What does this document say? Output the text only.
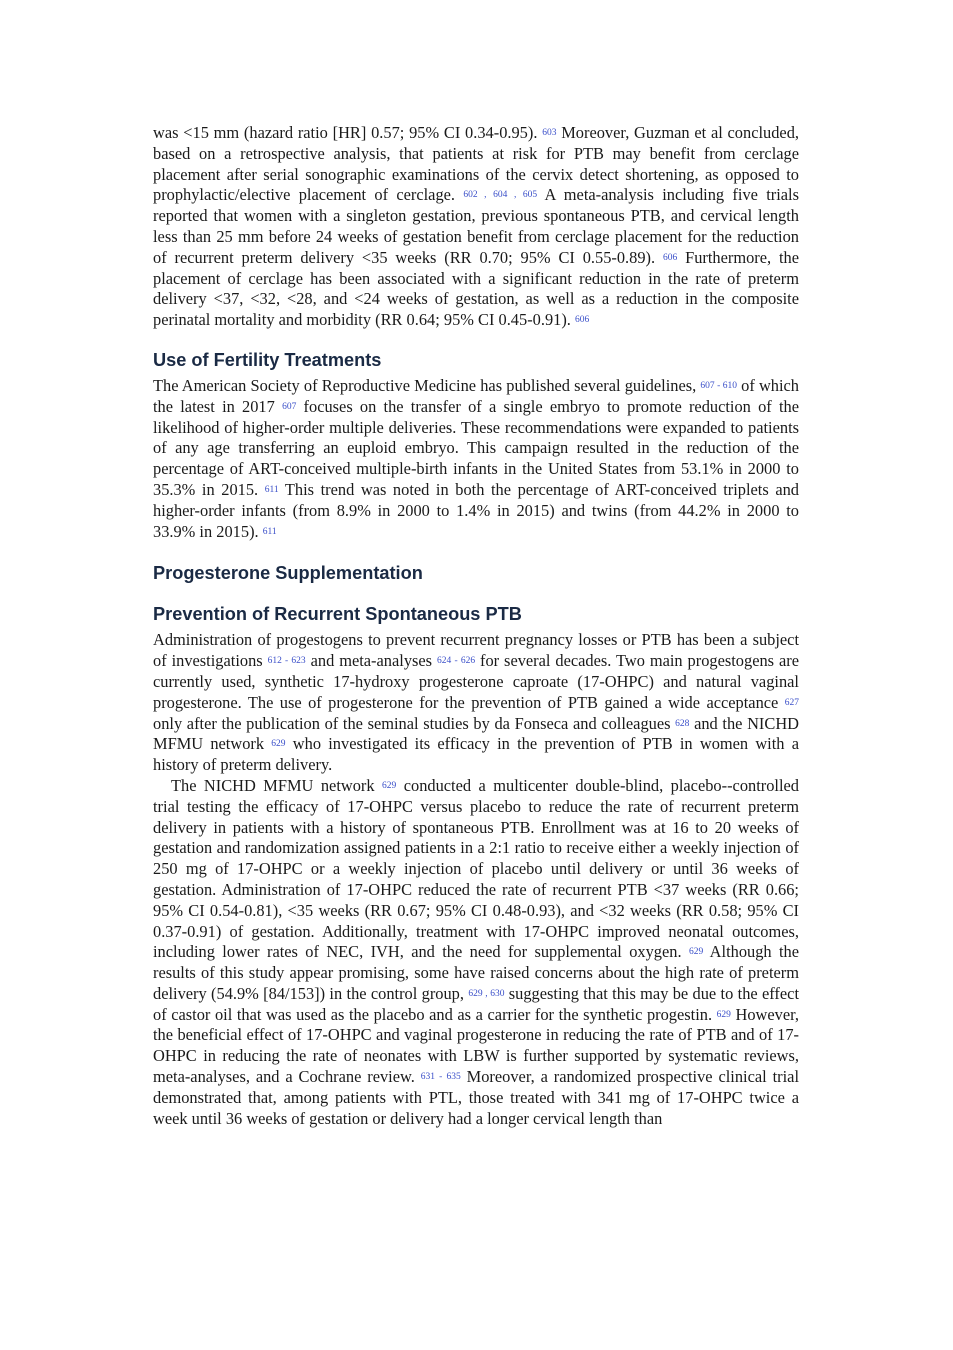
was <15 mm (hazard ratio [HR] 0.57; 95% CI 0.34-0.95). 603 Moreover, Guzman et al concluded, based on a retrospective analysis, that patients at risk for PTB may benefit from cerclage placement after serial sonographic examinations of the cervix detect shortening, as opposed to prophylactic/elective placement of cerclage. 602 , 604 , 605 A meta-analysis including five trials reported that women with a singleton gestation, previous spontaneous PTB, and cervical length less than 25 mm before 24 weeks of gestation benefit from cerclage placement for the reduction of recurrent preterm delivery <35 weeks (RR 0.70; 95% CI 0.55-0.89). 606 Furthermore, the placement of cerclage has been associated with a significant reduction in the rate of preterm delivery <37, <32, <28, and <24 weeks of gestation, as well as a reduction in the composite perinatal mortality and morbidity (RR 0.64; 95% CI 0.45-0.91). 606

Use of Fertility Treatments

The American Society of Reproductive Medicine has published several guidelines, 607 - 610 of which the latest in 2017 607 focuses on the transfer of a single embryo to promote reduction of the likelihood of higher-order multiple deliveries. These recommendations were expanded to patients of any age transferring an euploid embryo. This campaign resulted in the reduction of the percentage of ART-conceived multiple-birth infants in the United States from 53.1% in 2000 to 35.3% in 2015. 611 This trend was noted in both the percentage of ART-conceived triplets and higher-order infants (from 8.9% in 2000 to 1.4% in 2015) and twins (from 44.2% in 2000 to 33.9% in 2015). 611

Progesterone Supplementation
Prevention of Recurrent Spontaneous PTB

Administration of progestogens to prevent recurrent pregnancy losses or PTB has been a subject of investigations 612 - 623 and meta-analyses 624 - 626 for several decades. Two main progestogens are currently used, synthetic 17-hydroxy progesterone caproate (17-OHPC) and natural vaginal progesterone. The use of progesterone for the prevention of PTB gained a wide acceptance 627 only after the publication of the seminal studies by da Fonseca and colleagues 628 and the NICHD MFMU network 629 who investigated its efficacy in the prevention of PTB in women with a history of preterm delivery.

The NICHD MFMU network 629 conducted a multicenter double-blind, placebo--controlled trial testing the efficacy of 17-OHPC versus placebo to reduce the rate of recurrent preterm delivery in patients with a history of spontaneous PTB. Enrollment was at 16 to 20 weeks of gestation and randomization assigned patients in a 2:1 ratio to receive either a weekly injection of 250 mg of 17-OHPC or a weekly injection of placebo until delivery or until 36 weeks of gestation. Administration of 17-OHPC reduced the rate of recurrent PTB <37 weeks (RR 0.66; 95% CI 0.54-0.81), <35 weeks (RR 0.67; 95% CI 0.48-0.93), and <32 weeks (RR 0.58; 95% CI 0.37-0.91) of gestation. Additionally, treatment with 17-OHPC improved neonatal outcomes, including lower rates of NEC, IVH, and the need for supplemental oxygen. 629 Although the results of this study appear promising, some have raised concerns about the high rate of preterm delivery (54.9% [84/153]) in the control group, 629 , 630 suggesting that this may be due to the effect of castor oil that was used as the placebo and as a carrier for the synthetic progestin. 629 However, the beneficial effect of 17-OHPC and vaginal progesterone in reducing the rate of PTB and of 17-OHPC in reducing the rate of neonates with LBW is further supported by systematic reviews, meta-analyses, and a Cochrane review. 631 - 635 Moreover, a randomized prospective clinical trial demonstrated that, among patients with PTL, those treated with 341 mg of 17-OHPC twice a week until 36 weeks of gestation or delivery had a longer cervical length than
